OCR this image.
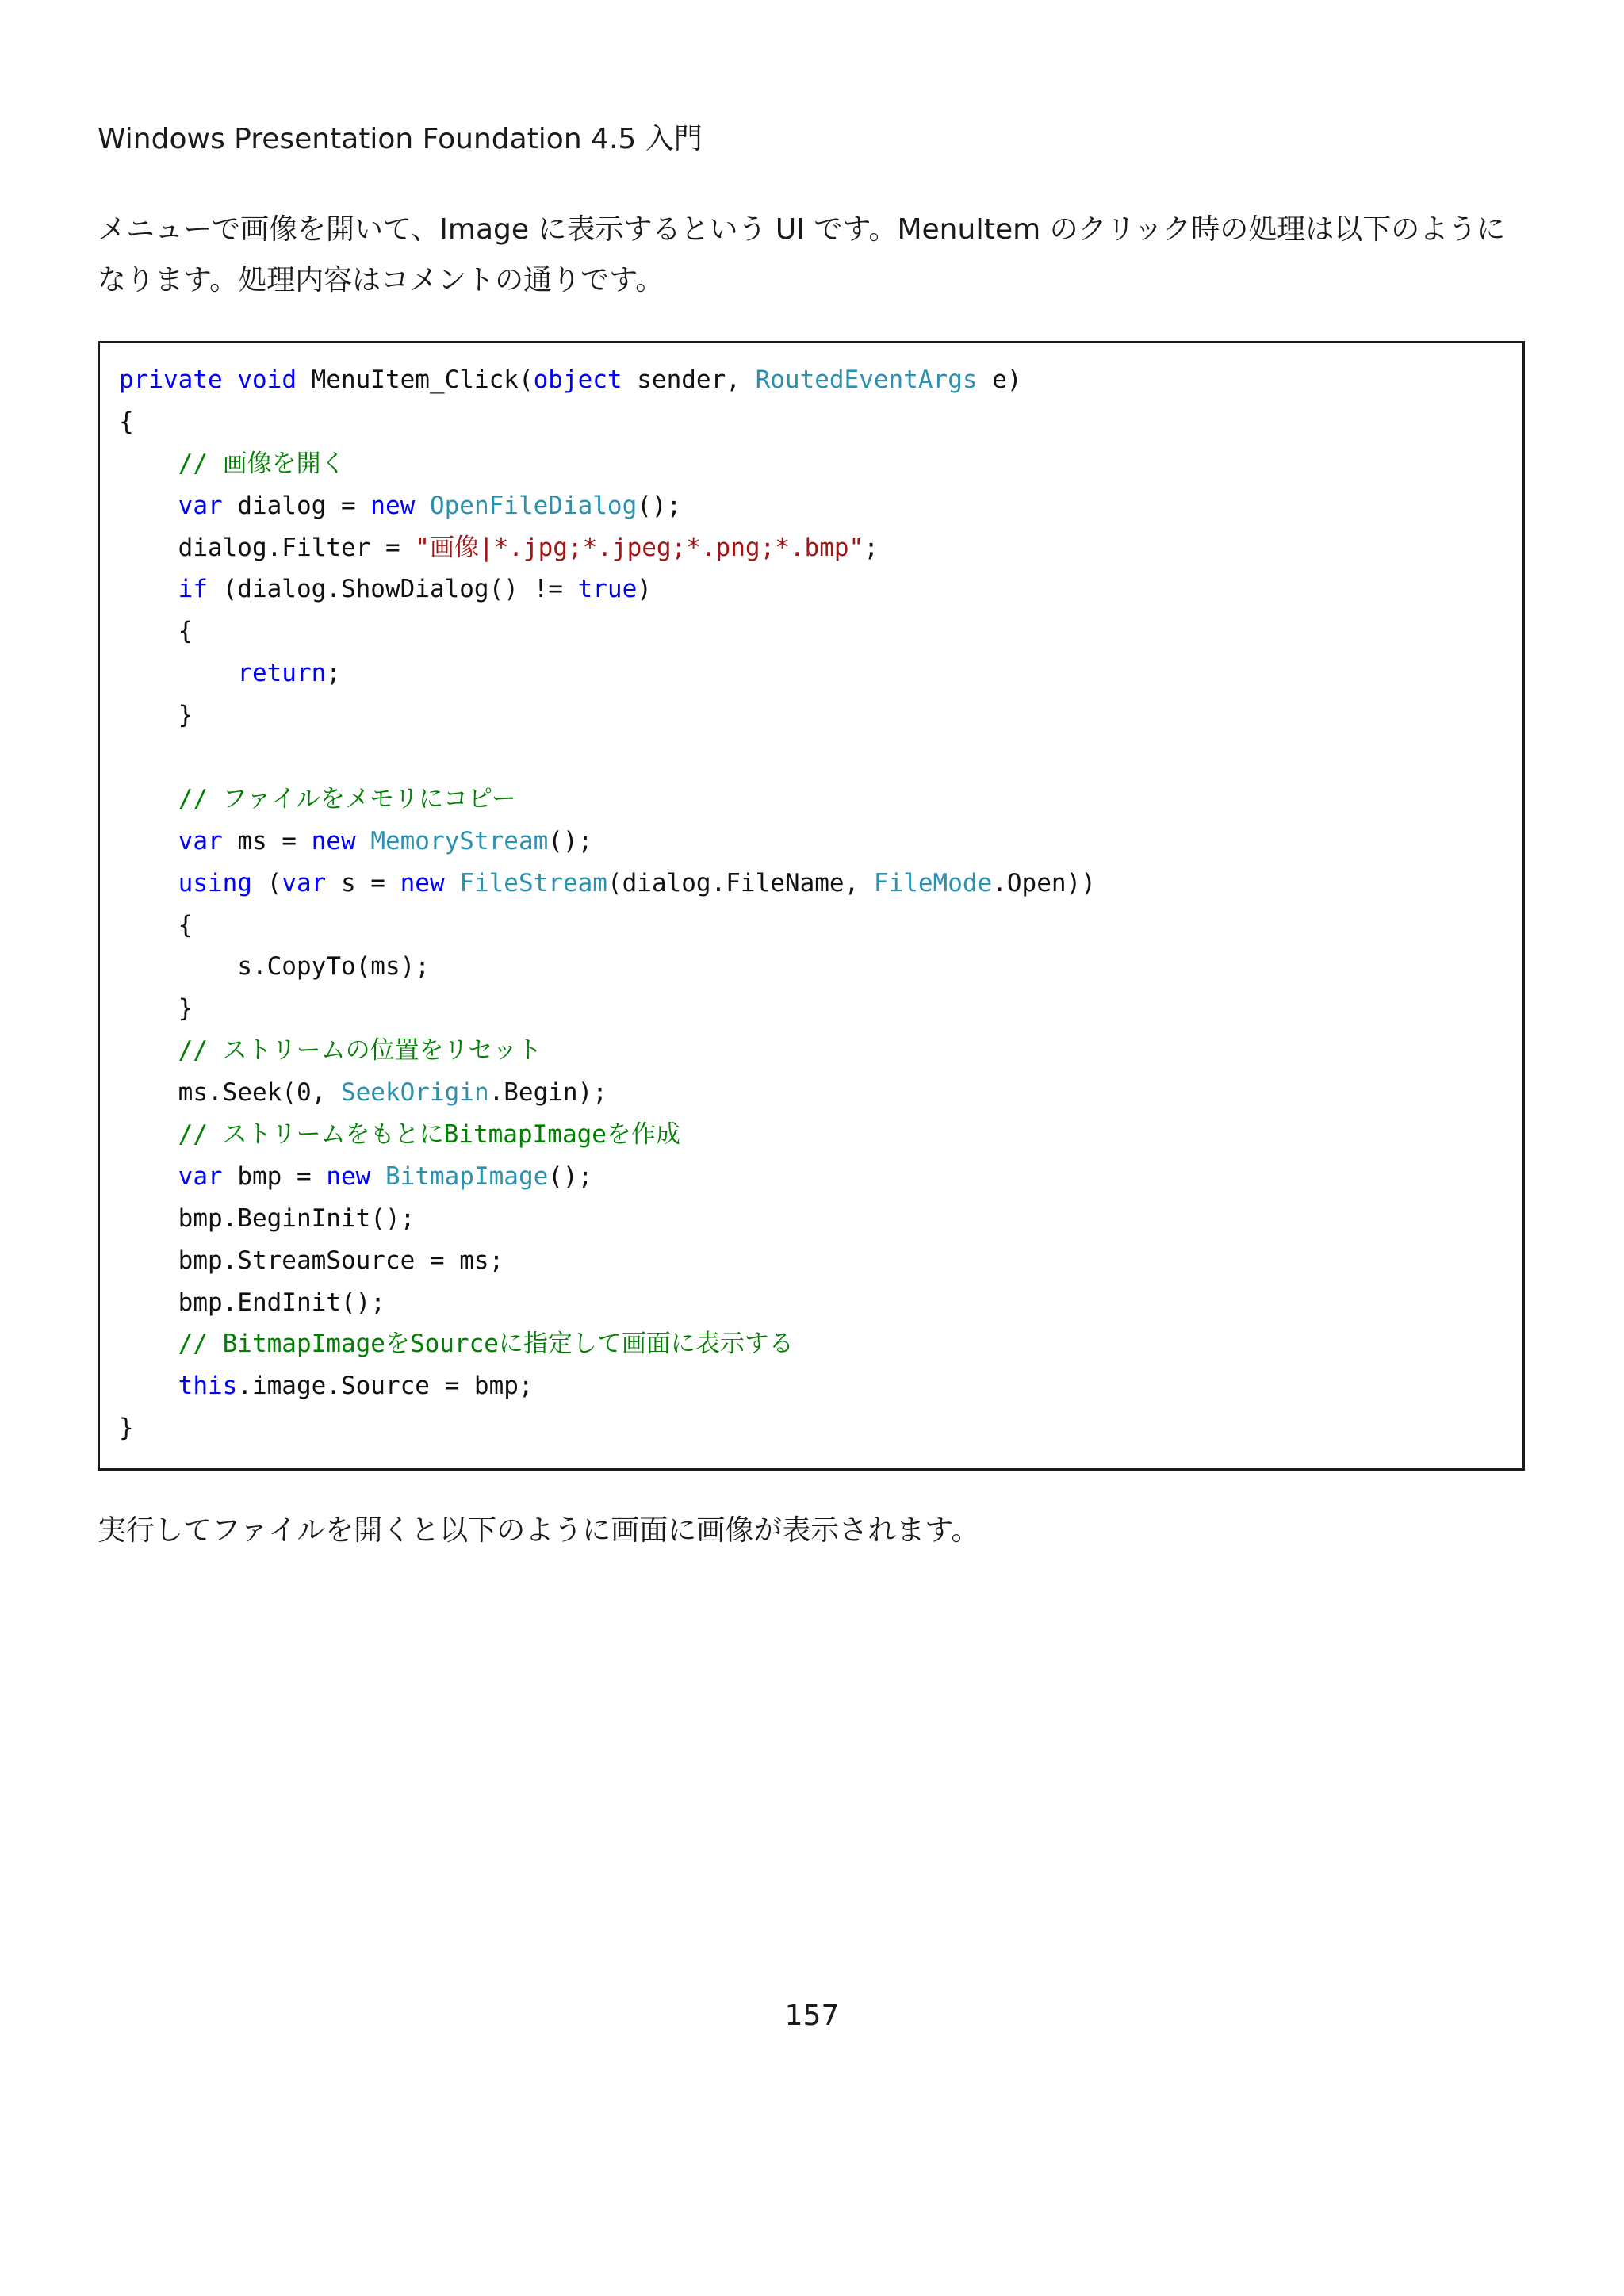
Windows Presentation Foundation 4.5 入門
メニューで画像を開いて、Image に表示するという UI です。MenuItem のクリック時の処理は以下のようになります。処理内容はコメントの通りです。
private void MenuItem_Click(object sender, RoutedEventArgs e)
{
// 画像を開く
var dialog = new OpenFileDialog();
dialog.Filter = "画像|*.jpg;*.jpeg;*.png;*.bmp";
if (dialog.ShowDialog() != true)
{
return;
}
// ファイルをメモリにコピー
var ms = new MemoryStream();
using (var s = new FileStream(dialog.FileName, FileMode.Open))
{
s.CopyTo(ms);
}
// ストリームの位置をリセット
ms.Seek(0, SeekOrigin.Begin);
// ストリームをもとにBitmapImageを作成
var bmp = new BitmapImage();
bmp.BeginInit();
bmp.StreamSource = ms;
bmp.EndInit();
// BitmapImageをSourceに指定して画面に表示する
this.image.Source = bmp;
}
実行してファイルを開くと以下のように画面に画像が表示されます。
157
